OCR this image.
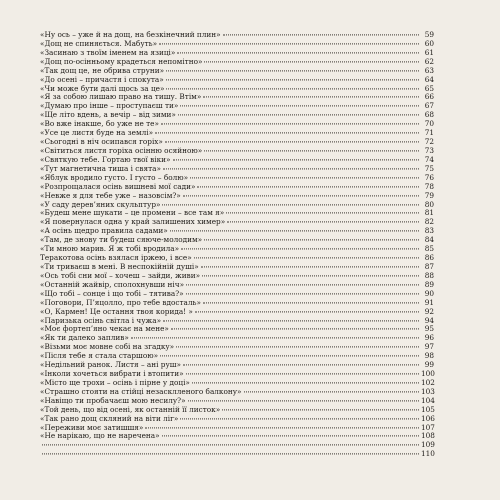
«Ну ось – уже й на дощ, на безкінечний плин»	59
«Дощ не спиняється. Мабуть»	60
«Засинаю з твоїм іменем на язиці»	61
«Дощ по-осінньому крадеться непомітно»	62
«Так дощ це, не обрива струни»	63
«До осені – причастя і спокута»	64
«Чи може бути далі щось за це»	65
«Я за собою лишаю право на тишу. Втім»	66
«Думаю про інше – проступаєш ти»	67
«Ще літо вдень, а вечір – від зими»	68
«Во вже інакше, бо уже не те»	70
«Усе це листя буде на землі»	71
«Сьогодні в ніч осипався горіх»	72
«Світиться листя горіха осінню осяйною»	73
«Святкую тебе. Гортаю твої віки»	74
«Тут магнетична тиша і свята»	75
«Яблук вродило густо. І густо – болю»	76
«Розпрощалася осінь вишневі мої сади»	78
«Невже я для тебе уже – назовсім?»	79
«У саду дерев’яних скульптур»	80
«Будеш мене шукати – це промени – все там я»	81
«Я повернулася одна у край залишених химер»	82
«А осінь щедро правила садами»	83
«Там, де знову ти будеш сяюче-молодим»	84
«Ти мною марив. Я ж тобі вродила»	85
Теракотова осінь взялася іржею, і все»	86
«Ти триваєш в мені. В неспокійній душі»	87
«Ось тобі сни мої – хочеш – зайди, живи»	88
«Останній жайвір, сполохнувши ніч»	89
«Що тобі – сонце і що тобі – тятива?»	90
«Поговори, П’яцолло, про тебе вдосталь»	91
«О, Кармен! Це остання твоя корида! »	92
«Паризька осінь світла і чужа»	94
«Моє фортеп’яно чекає на мене»	95
«Як ти далеко заплив»	96
«Візьми моє мовне собі на згадку»	97
«Після тебе я стала старшою»	98
«Недільний ранок. Листя – ані руш»	99
«Інколи хочеться вибрати і втопити»	100
«Місто ще трохи – осінь і пірне у доці»	102
«Страшно стояти на стійці незасклленого балкону»	103
«Навіщо ти пробачаєш мою несилу?»	104
«Той день, що від осені, як останній її листок»	105
«Так рано дощ скляний на віти ліг»	106
«Переживи моє затишшя»	107
«Не нарікаю, що не наречена»	108
109
110
